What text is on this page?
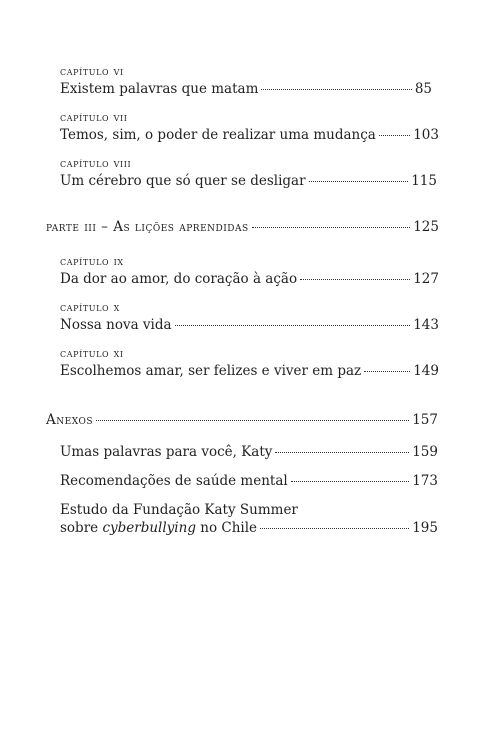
capítulo vi
Existem palavras que matam	85
capítulo vii
Temos, sim, o poder de realizar uma mudança	103
capítulo viii
Um cérebro que só quer se desligar	115
parte iii – As lições aprendidas	125
capítulo ix
Da dor ao amor, do coração à ação	127
capítulo x
Nossa nova vida	143
capítulo xi
Escolhemos amar, ser felizes e viver em paz	149
Anexos	157
Umas palavras para você, Katy	159
Recomendações de saúde mental	173
Estudo da Fundação Katy Summer
sobre cyberbullying no Chile	195
